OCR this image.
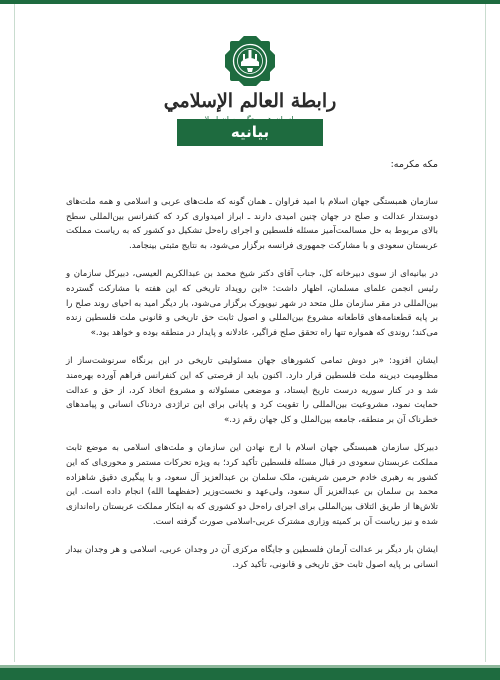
رابطة العالم الإسلامي
بیانیه

مکه مکرمه:

سازمان همبستگی جهان اسلام با امید فراوان ـ همان گونه که ملت‌های عربی و اسلامی و همه ملت‌های دوستدار عدالت و صلح در جهان چنین امیدی دارند ـ ابراز امیدواری کرد که کنفرانس بین‌المللی سطح بالای مربوط به حل مسالمت‌آمیز مسئله فلسطین و اجرای راه‌حل تشکیل دو کشور که به ریاست مملکت عربستان سعودی و با مشارکت جمهوری فرانسه برگزار می‌شود، به نتایج مثبتی بینجامد.

در بیانیه‌ای از سوی دبیرخانه کل، جناب آقای دکتر شیخ محمد بن عبدالکریم العیسی، دبیرکل سازمان و رئیس انجمن علمای مسلمان، اظهار داشت: «این رویداد تاریخی که این هفته با مشارکت گسترده بین‌المللی در مقر سازمان ملل متحد در شهر نیویورک برگزار می‌شود، بار دیگر امید به احیای روند صلح را بر پایه قطعنامه‌های قاطعانه مشروع بین‌المللی و اصول ثابت حق تاریخی و قانونی ملت فلسطین زنده می‌کند؛ روندی که همواره تنها راه تحقق صلح فراگیر، عادلانه و پایدار در منطقه بوده و خواهد بود.»

ایشان افزود: «بر دوش تمامی کشورهای جهان مسئولیتی تاریخی در این برنگاه سرنوشت‌ساز از مظلومیت دیرینه ملت فلسطین قرار دارد. اکنون باید از فرصتی که این کنفرانس فراهم آورده بهره‌مند شد و در کنار سوریه درست تاریخ ایستاد، و موضعی مسئولانه و مشروع اتخاذ کرد، از حق و عدالت حمایت نمود، مشروعیت بین‌المللی را تقویت کرد و پایانی برای این تراژدی دردناک انسانی و پیامدهای خطرناک آن بر منطقه، جامعه بین‌الملل و کل جهان رقم زد.»

دبیرکل سازمان همبستگی جهان اسلام با ارج نهادن این سازمان و ملت‌های اسلامی به موضع ثابت مملکت عربستان سعودی در قبال مسئله فلسطین تأکید کرد؛ به ویژه تحرکات مستمر و محوری‌ای که این کشور به رهبری خادم حرمین شریفین، ملک سلمان بن عبدالعزیز آل سعود، و با پیگیری دقیق شاهزاده محمد بن سلمان بن عبدالعزیز آل سعود، ولی‌عهد و نخست‌وزیر (حفظهما الله) انجام داده است. این تلاش‌ها از طریق ائتلاف بین‌المللی برای اجرای راه‌حل دو کشوری که به ابتکار مملکت عربستان راه‌اندازی شده و نیز ریاست آن بر کمیته وزاری مشترک عربی-اسلامی صورت گرفته است.

ایشان بار دیگر بر عدالت آرمان فلسطین و جایگاه مرکزی آن در وجدان عربی، اسلامی و هر وجدان بیدار انسانی بر پایه اصول ثابت حق تاریخی و قانونی، تأکید کرد.
